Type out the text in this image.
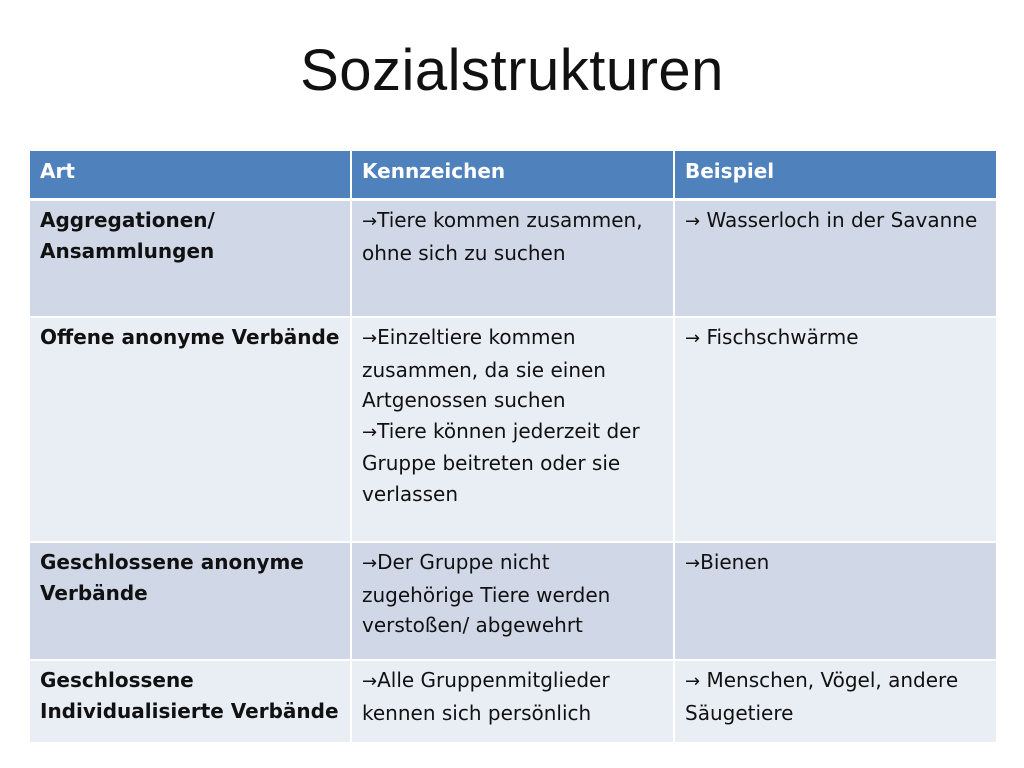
Sozialstrukturen
Art	Kennzeichen	Beispiel

Aggregationen/
Ansammlungen	→Tiere kommen zusammen, ohne sich zu suchen	→ Wasserloch in der Savanne

Offene anonyme Verbände	→Einzeltiere kommen zusammen, da sie einen Artgenossen suchen
→Tiere können jederzeit der Gruppe beitreten oder sie verlassen	→ Fischschwärme

Geschlossene anonyme Verbände	→Der Gruppe nicht zugehörige Tiere werden verstoßen/ abgewehrt	→Bienen

Geschlossene
Individualisierte Verbände	→Alle Gruppenmitglieder kennen sich persönlich	→ Menschen, Vögel, andere Säugetiere
